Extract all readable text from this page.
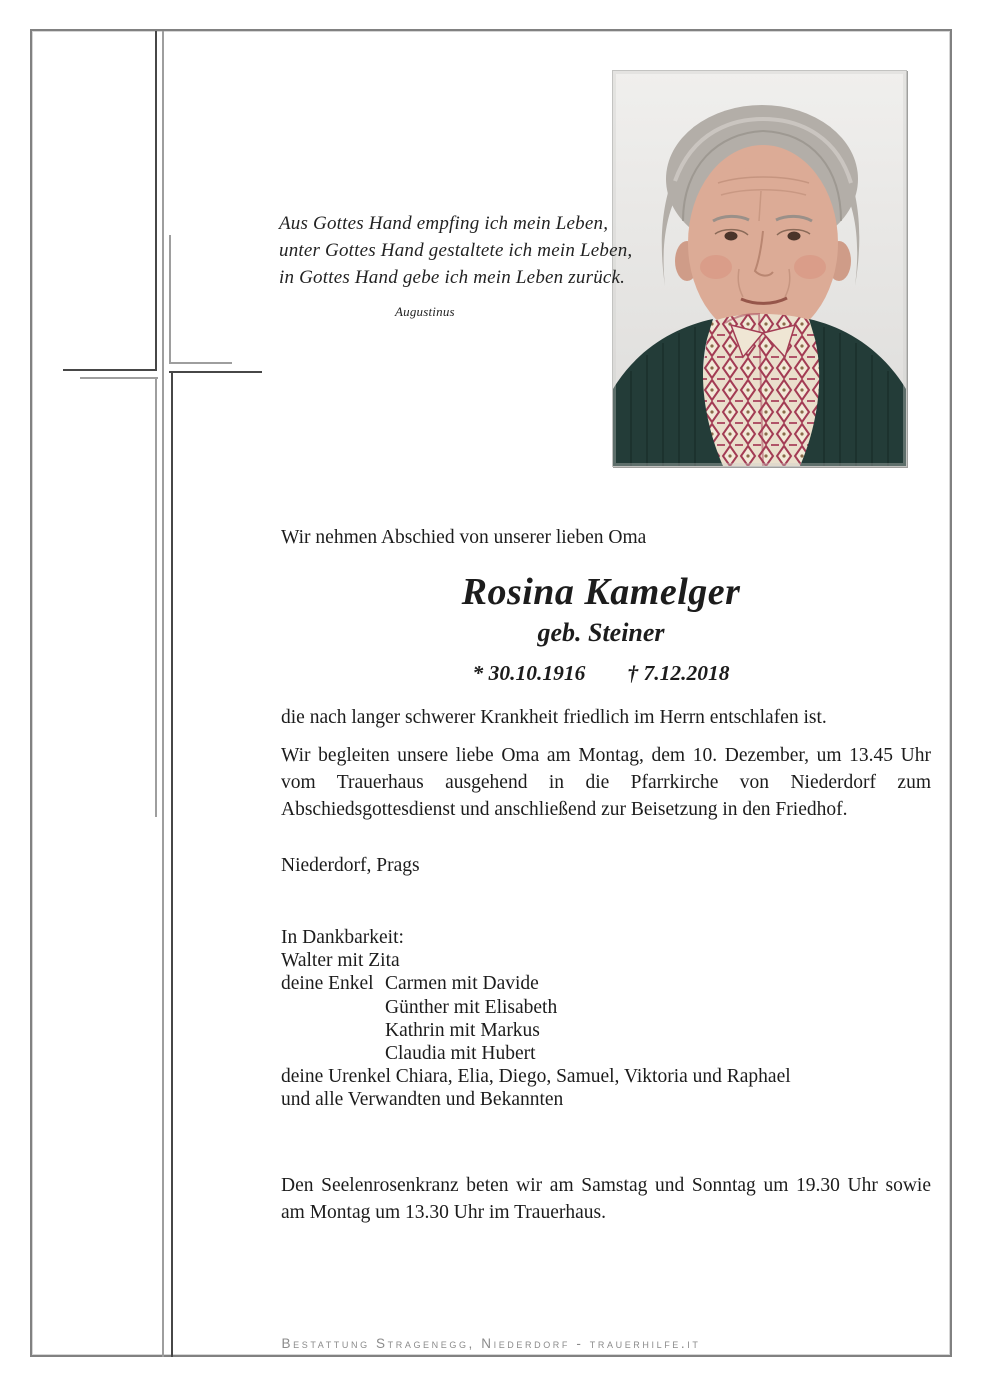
Aus Gottes Hand empfing ich mein Leben,
unter Gottes Hand gestaltete ich mein Leben,
in Gottes Hand gebe ich mein Leben zurück.
Augustinus
Wir nehmen Abschied von unserer lieben Oma
Rosina Kamelger
geb. Steiner
* 30.10.1916 † 7.12.2018
die nach langer schwerer Krankheit friedlich im Herrn entschlafen ist.
Wir begleiten unsere liebe Oma am Montag, dem 10. Dezember, um 13.45 Uhr
vom Trauerhaus ausgehend in die Pfarrkirche von Niederdorf zum
Abschiedsgottesdienst und anschließend zur Beisetzung in den Friedhof.
Niederdorf, Prags
In Dankbarkeit:
Walter mit Zita
deine Enkel Carmen mit Davide
Günther mit Elisabeth
Kathrin mit Markus
Claudia mit Hubert
deine Urenkel Chiara, Elia, Diego, Samuel, Viktoria und Raphael
und alle Verwandten und Bekannten
Den Seelenrosenkranz beten wir am Samstag und Sonntag um 19.30 Uhr sowie
am Montag um 13.30 Uhr im Trauerhaus.
Bestattung Stragenegg, Niederdorf - trauerhilfe.it
